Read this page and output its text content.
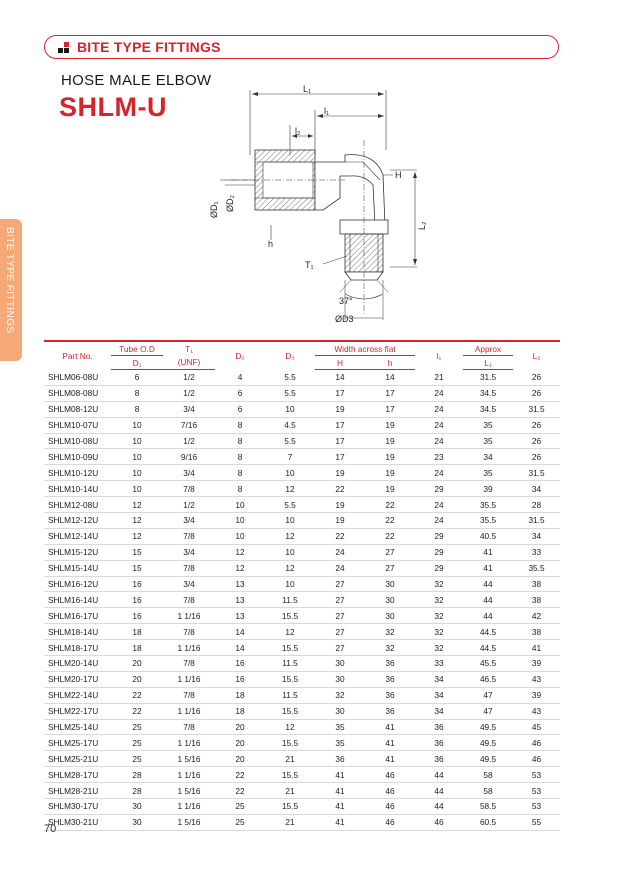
BITE TYPE FITTINGS
HOSE MALE ELBOW
SHLM-U
BITE TYPE FITTINGS
L₁
l₁
l₂
H
ØD₁ ØD₂
h
T₁
L₂
37°
ØD3
Part No.	Tube O.D	T₁	D₂	D₃	Width across flat		l₁	Approx	L₂
	D₁	(UNF)			H	h		L₁	
SHLM06-08U	6	1/2	4	5.5	14	14	21	31.5	26
SHLM08-08U	8	1/2	6	5.5	17	17	24	34.5	26
SHLM08-12U	8	3/4	6	10	19	17	24	34.5	31.5
SHLM10-07U	10	7/16	8	4.5	17	19	24	35	26
SHLM10-08U	10	1/2	8	5.5	17	19	24	35	26
SHLM10-09U	10	9/16	8	7	17	19	23	34	26
SHLM10-12U	10	3/4	8	10	19	19	24	35	31.5
SHLM10-14U	10	7/8	8	12	22	19	29	39	34
SHLM12-08U	12	1/2	10	5.5	19	22	24	35.5	28
SHLM12-12U	12	3/4	10	10	19	22	24	35.5	31.5
SHLM12-14U	12	7/8	10	12	22	22	29	40.5	34
SHLM15-12U	15	3/4	12	10	24	27	29	41	33
SHLM15-14U	15	7/8	12	12	24	27	29	41	35.5
SHLM16-12U	16	3/4	13	10	27	30	32	44	38
SHLM16-14U	16	7/8	13	11.5	27	30	32	44	38
SHLM16-17U	16	1 1/16	13	15.5	27	30	32	44	42
SHLM18-14U	18	7/8	14	12	27	32	32	44.5	38
SHLM18-17U	18	1 1/16	14	15.5	27	32	32	44.5	41
SHLM20-14U	20	7/8	16	11.5	30	36	33	45.5	39
SHLM20-17U	20	1 1/16	16	15.5	30	36	34	46.5	43
SHLM22-14U	22	7/8	18	11.5	32	36	34	47	39
SHLM22-17U	22	1 1/16	18	15.5	30	36	34	47	43
SHLM25-14U	25	7/8	20	12	35	41	36	49.5	45
SHLM25-17U	25	1 1/16	20	15.5	35	41	36	49.5	46
SHLM25-21U	25	1 5/16	20	21	36	41	36	49.5	46
SHLM28-17U	28	1 1/16	22	15.5	41	46	44	58	53
SHLM28-21U	28	1 5/16	22	21	41	46	44	58	53
SHLM30-17U	30	1 1/16	25	15.5	41	46	44	58.5	53
SHLM30-21U	30	1 5/16	25	21	41	46	46	60.5	55
70
